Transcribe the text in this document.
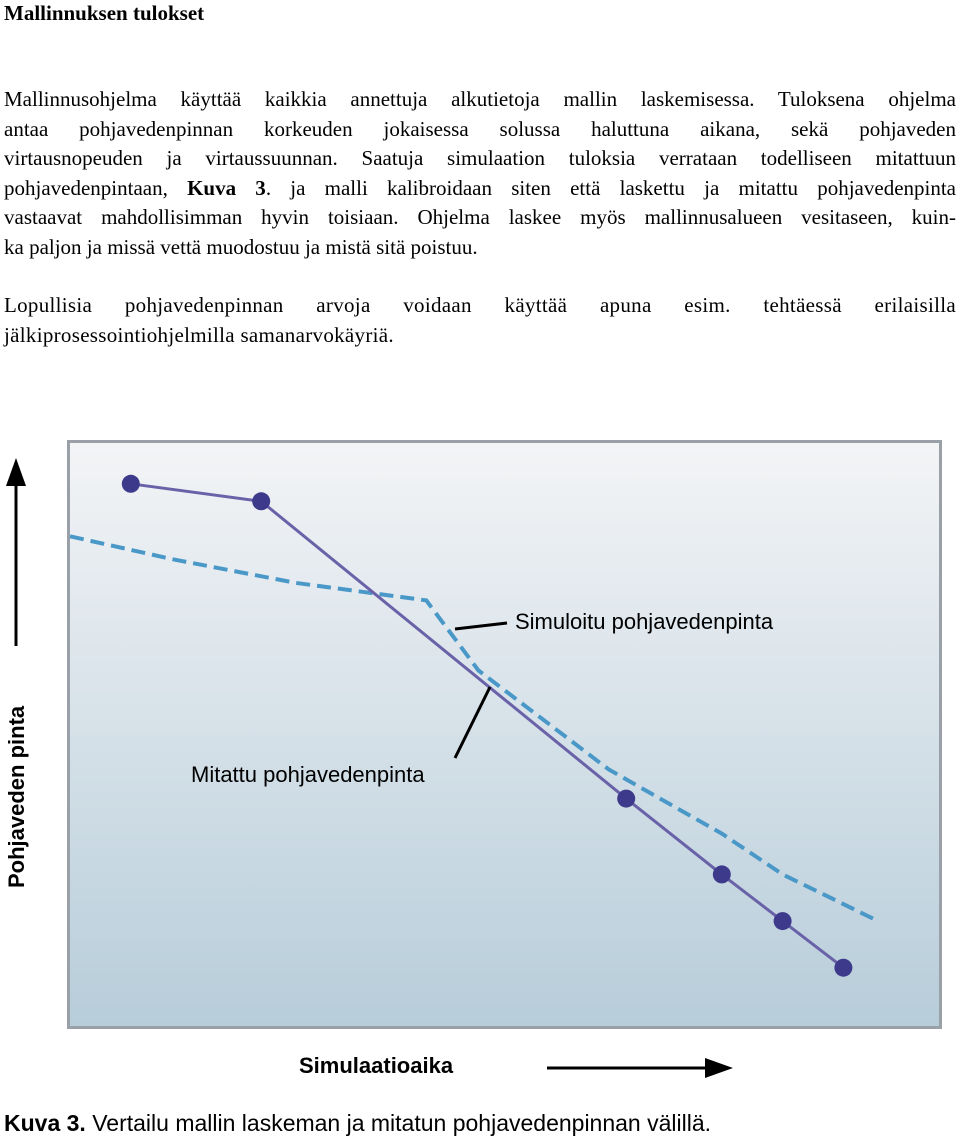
Mallinnuksen tulokset
Mallinnusohjelma käyttää kaikkia annettuja alkutietoja mallin laskemisessa. Tuloksena ohjelma
antaa pohjavedenpinnan korkeuden jokaisessa solussa haluttuna aikana, sekä pohjaveden
virtausnopeuden ja virtaussuunnan. Saatuja simulaation tuloksia verrataan todelliseen mitattuun
pohjavedenpintaan, Kuva 3. ja malli kalibroidaan siten että laskettu ja mitattu pohjavedenpinta
vastaavat mahdollisimman hyvin toisiaan. Ohjelma laskee myös mallinnusalueen vesitaseen, kuin-
ka paljon ja missä vettä muodostuu ja mistä sitä poistuu.
Lopullisia pohjavedenpinnan arvoja voidaan käyttää apuna esim. tehtäessä erilaisilla
jälkiprosessointiohjelmilla samanarvokäyriä.
Pohjaveden pinta
Simuloitu pohjavedenpinta
Mitattu pohjavedenpinta
Simulaatioaika

Kuva 3. Vertailu mallin laskeman ja mitatun pohjavedenpinnan välillä.
